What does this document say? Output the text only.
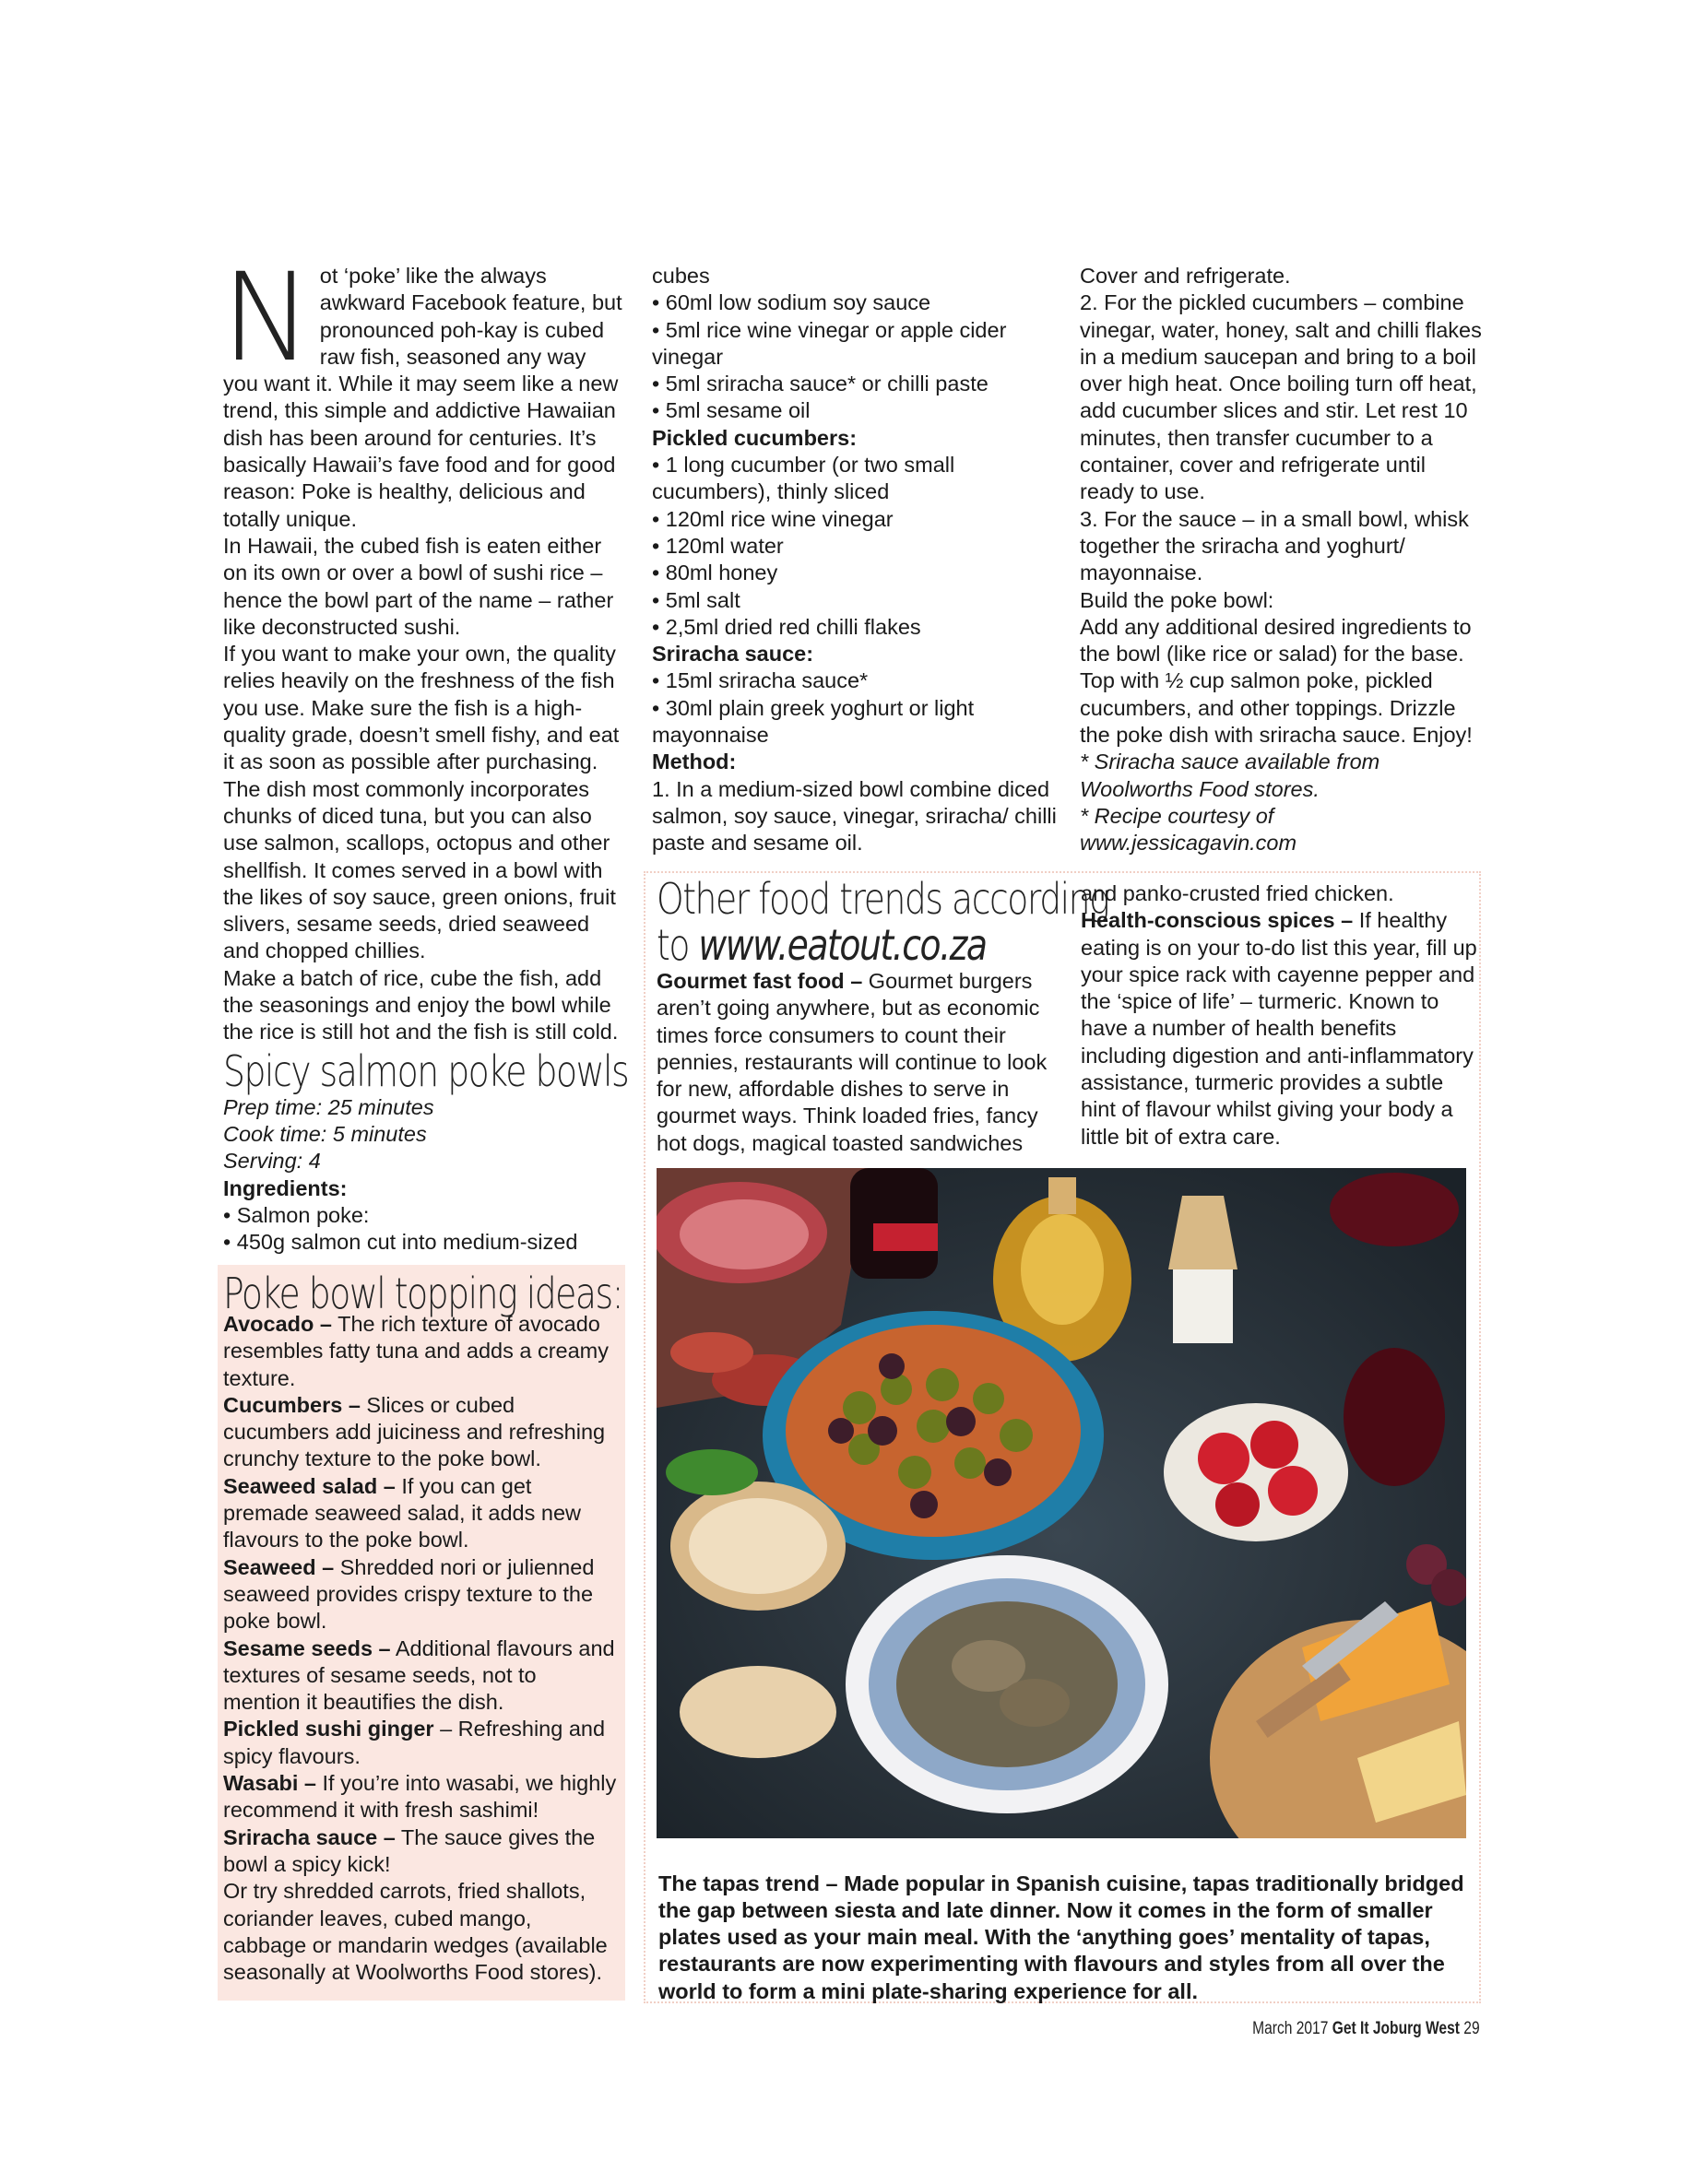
Not ‘poke’ like the always awkward Facebook feature, but pronounced poh-kay is cubed raw fish, seasoned any way you want it. While it may seem like a new trend, this simple and addictive Hawaiian dish has been around for centuries. It’s basically Hawaii’s fave food and for good reason: Poke is healthy, delicious and totally unique.

In Hawaii, the cubed fish is eaten either on its own or over a bowl of sushi rice – hence the bowl part of the name – rather like deconstructed sushi.

If you want to make your own, the quality relies heavily on the freshness of the fish you use. Make sure the fish is a high-quality grade, doesn’t smell fishy, and eat it as soon as possible after purchasing.

The dish most commonly incorporates chunks of diced tuna, but you can also use salmon, scallops, octopus and other shellfish. It comes served in a bowl with the likes of soy sauce, green onions, fruit slivers, sesame seeds, dried seaweed and chopped chillies.

Make a batch of rice, cube the fish, add the seasonings and enjoy the bowl while the rice is still hot and the fish is still cold.

Spicy salmon poke bowls

Prep time: 25 minutes

Cook time: 5 minutes

Serving: 4

Ingredients:

• Salmon poke:

• 450g salmon cut into medium-sized

Poke bowl topping ideas:

Avocado – The rich texture of avocado resembles fatty tuna and adds a creamy texture.

Cucumbers – Slices or cubed cucumbers add juiciness and refreshing crunchy texture to the poke bowl.

Seaweed salad – If you can get premade seaweed salad, it adds new flavours to the poke bowl.

Seaweed – Shredded nori or julienned seaweed provides crispy texture to the poke bowl.

Sesame seeds – Additional flavours and textures of sesame seeds, not to mention it beautifies the dish.

Pickled sushi ginger – Refreshing and spicy flavours.

Wasabi – If you’re into wasabi, we highly recommend it with fresh sashimi!

Sriracha sauce – The sauce gives the bowl a spicy kick!

Or try shredded carrots, fried shallots, coriander leaves, cubed mango, cabbage or mandarin wedges (available seasonally at Woolworths Food stores).

cubes

• 60ml low sodium soy sauce

• 5ml rice wine vinegar or apple cider vinegar

• 5ml sriracha sauce* or chilli paste

• 5ml sesame oil

Pickled cucumbers:

• 1 long cucumber (or two small cucumbers), thinly sliced

• 120ml rice wine vinegar

• 120ml water

• 80ml honey

• 5ml salt

• 2,5ml dried red chilli flakes

Sriracha sauce:

• 15ml sriracha sauce*

• 30ml plain greek yoghurt or light mayonnaise

Method:

1. In a medium-sized bowl combine diced salmon, soy sauce, vinegar, sriracha/ chilli paste and sesame oil.

Cover and refrigerate.

2. For the pickled cucumbers – combine vinegar, water, honey, salt and chilli flakes in a medium saucepan and bring to a boil over high heat. Once boiling turn off heat, add cucumber slices and stir. Let rest 10 minutes, then transfer cucumber to a container, cover and refrigerate until ready to use.

3. For the sauce – in a small bowl, whisk together the sriracha and yoghurt/ mayonnaise.

Build the poke bowl:

Add any additional desired ingredients to the bowl (like rice or salad) for the base. Top with ½ cup salmon poke, pickled cucumbers, and other toppings. Drizzle the poke dish with sriracha sauce. Enjoy!

* Sriracha sauce available from Woolworths Food stores.

* Recipe courtesy of www.jessicagavin.com

Other food trends according
to www.eatout.co.za

Gourmet fast food – Gourmet burgers aren’t going anywhere, but as economic times force consumers to count their pennies, restaurants will continue to look for new, affordable dishes to serve in gourmet ways. Think loaded fries, fancy hot dogs, magical toasted sandwiches

and panko-crusted fried chicken.

Health-conscious spices – If healthy eating is on your to-do list this year, fill up your spice rack with cayenne pepper and the ‘spice of life’ – turmeric. Known to have a number of health benefits including digestion and anti-inflammatory assistance, turmeric provides a subtle hint of flavour whilst giving your body a little bit of extra care.

The tapas trend – Made popular in Spanish cuisine, tapas traditionally bridged the gap between siesta and late dinner. Now it comes in the form of smaller plates used as your main meal. With the ‘anything goes’ mentality of tapas, restaurants are now experimenting with flavours and styles from all over the world to form a mini plate-sharing experience for all.

March 2017 Get It Joburg West 29
